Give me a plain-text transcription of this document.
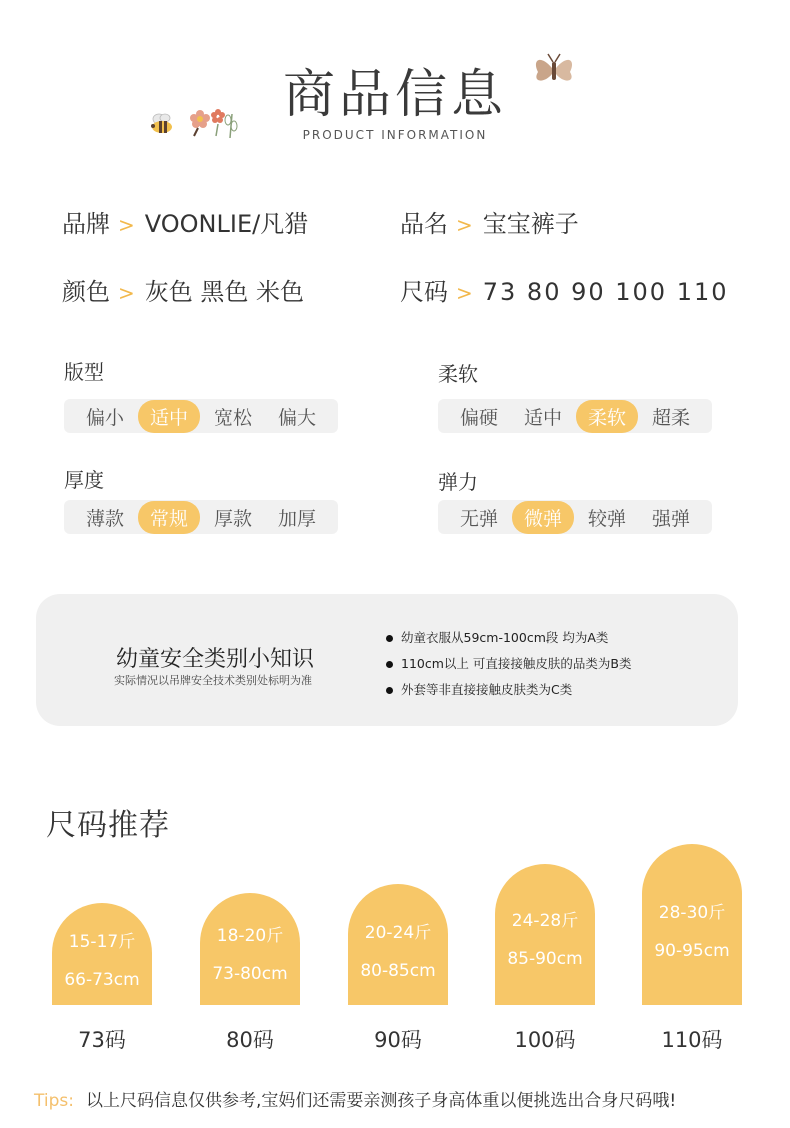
商品信息
PRODUCT INFORMATION
品牌 > VOONLIE/凡猎	品名 > 宝宝裤子
颜色 > 灰色 黑色 米色	尺码 > 73 80 90 100 110
版型
偏小	适中	宽松	偏大
柔软
偏硬	适中	柔软	超柔
厚度
薄款	常规	厚款	加厚
弹力
无弹	微弹	较弹	强弹
幼童安全类别小知识
实际情况以吊牌安全技术类别处标明为准
幼童衣服从59cm-100cm段 均为A类
110cm以上 可直接接触皮肤的品类为B类
外套等非直接接触皮肤类为C类
尺码推荐
15-17斤
66-73cm
18-20斤
73-80cm
20-24斤
80-85cm
24-28斤
85-90cm
28-30斤
90-95cm
73码	80码	90码	100码	110码
Tips: 以上尺码信息仅供参考,宝妈们还需要亲测孩子身高体重以便挑选出合身尺码哦!
